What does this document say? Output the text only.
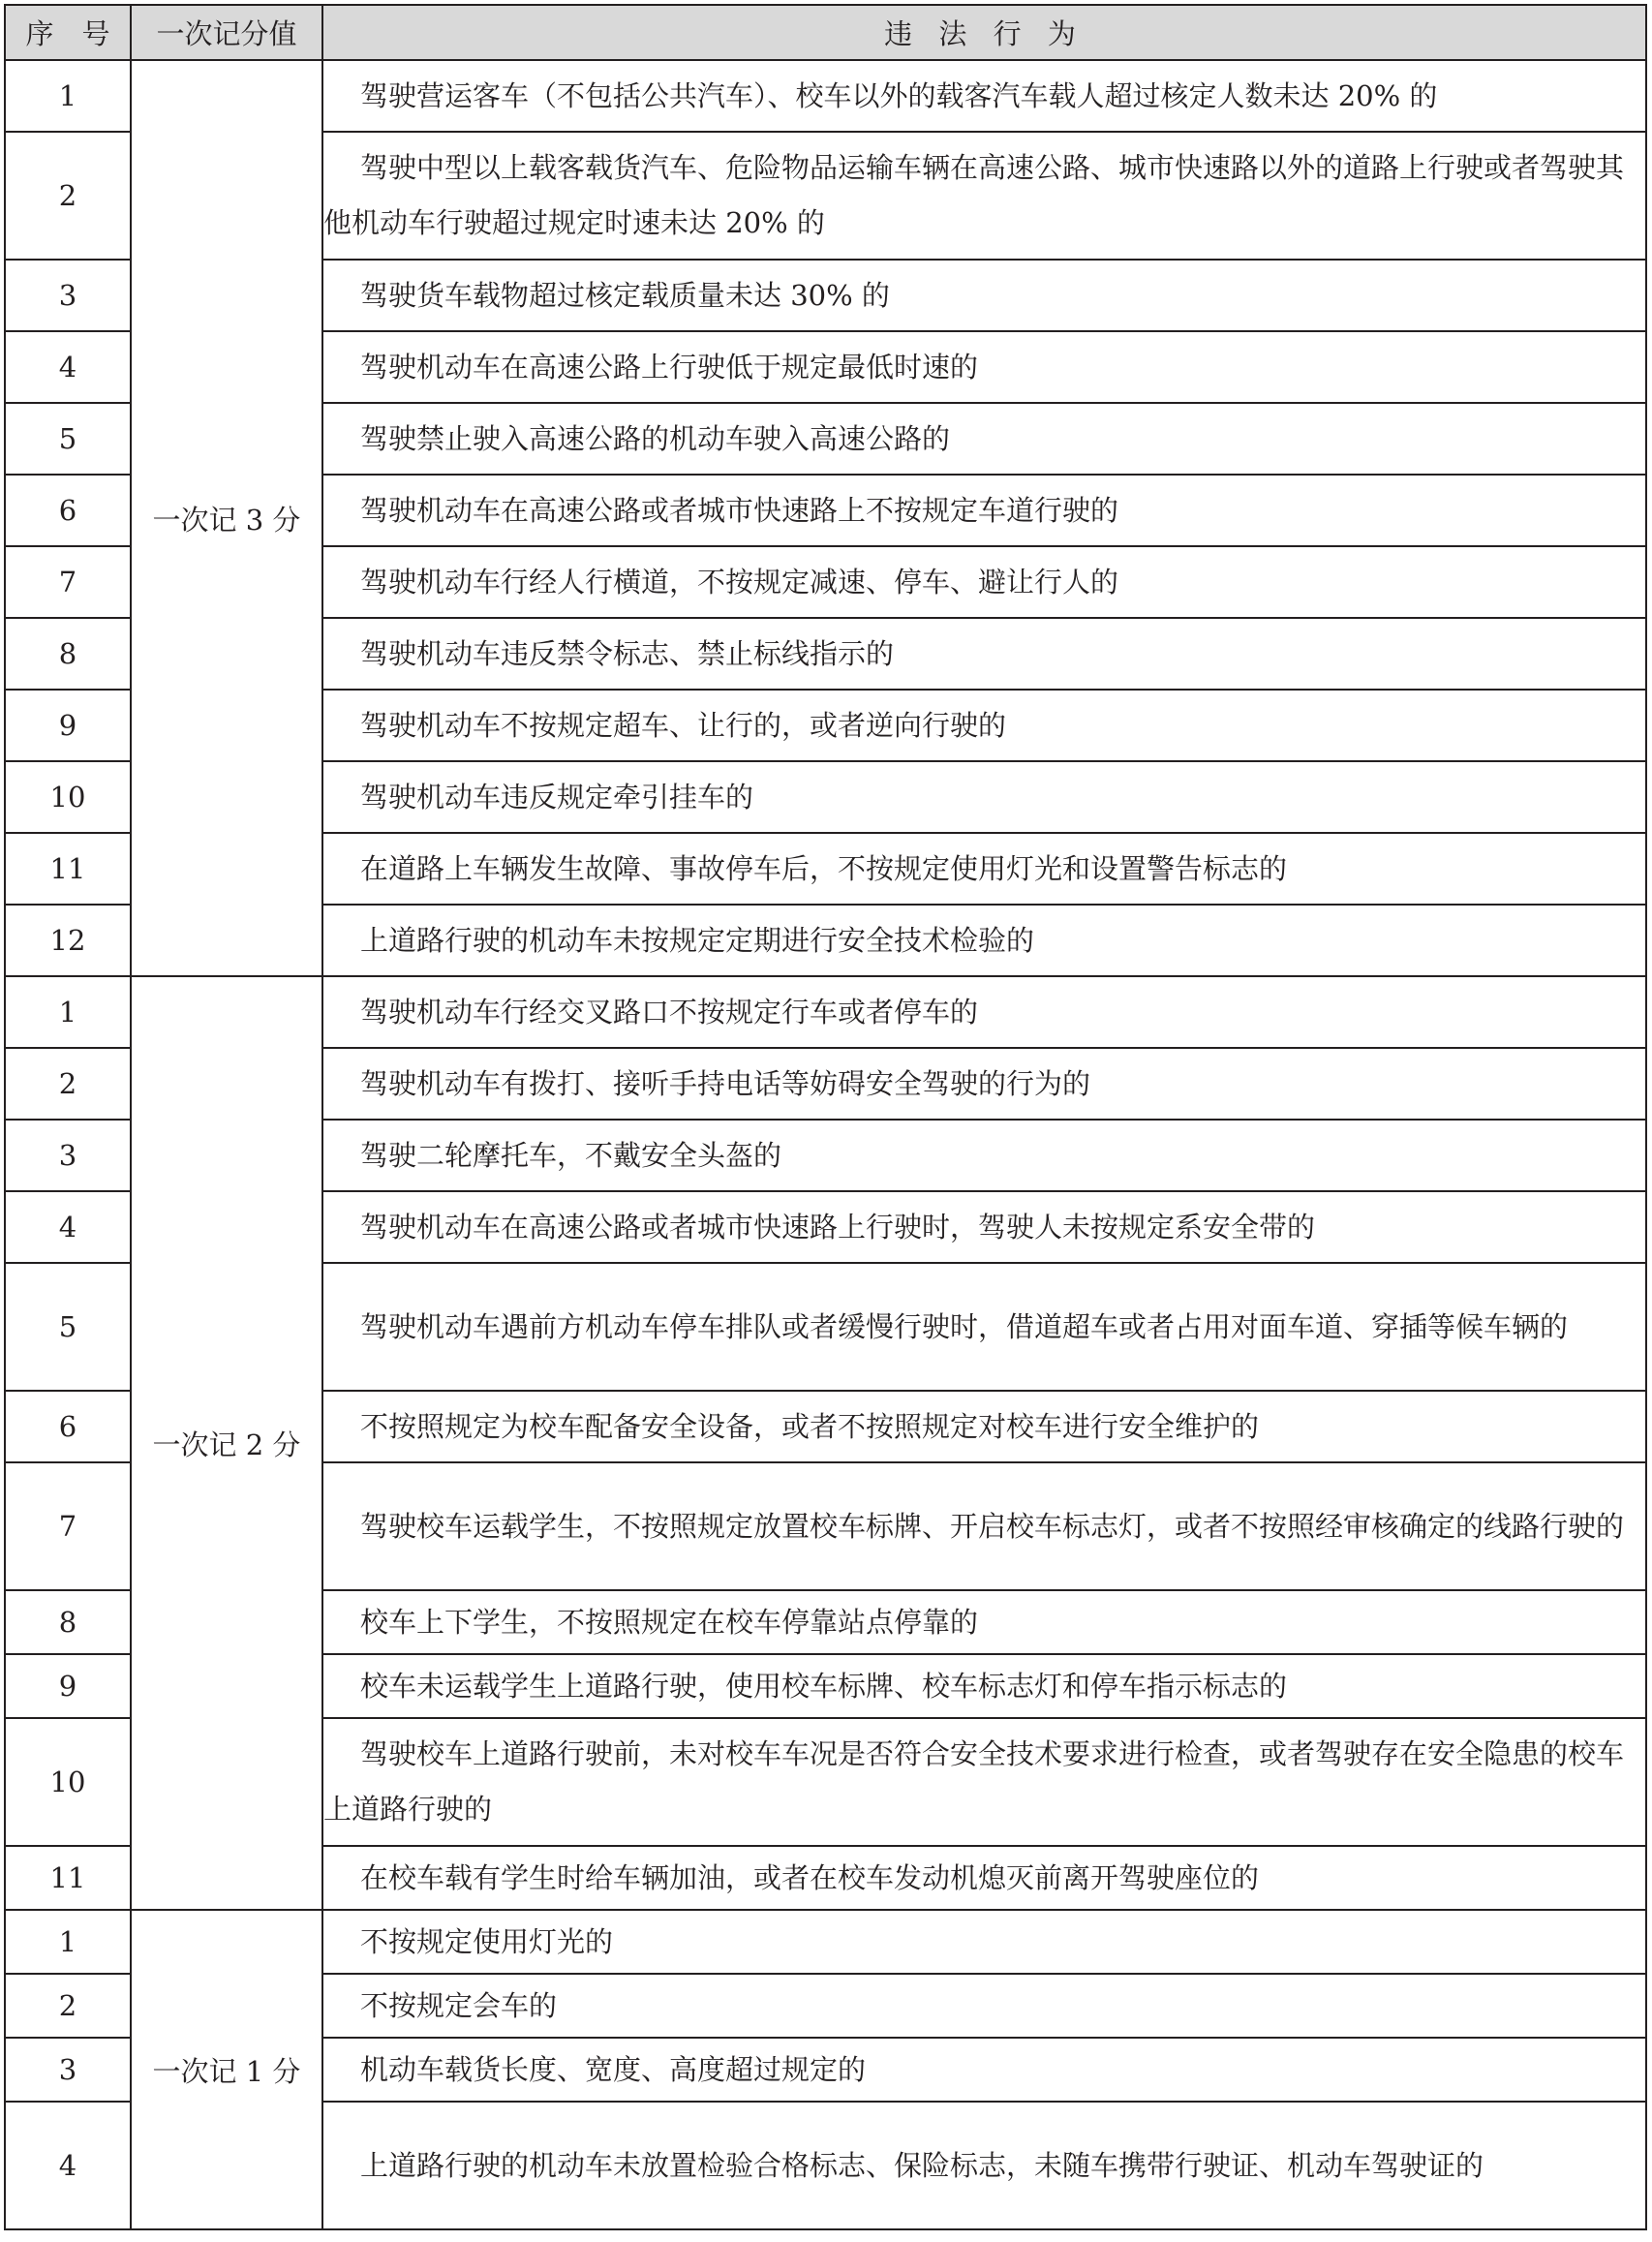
序　号	一次记分值	违 法 行 为
1	一次记 3 分	驾驶营运客车（不包括公共汽车）、校车以外的载客汽车载人超过核定人数未达 20% 的

2		驾驶中型以上载客载货汽车、危险物品运输车辆在高速公路、城市快速路以外的道路上行驶或者驾驶其他机动车行驶超过规定时速未达 20% 的

3		驾驶货车载物超过核定载质量未达 30% 的

4		驾驶机动车在高速公路上行驶低于规定最低时速的

5		驾驶禁止驶入高速公路的机动车驶入高速公路的

6		驾驶机动车在高速公路或者城市快速路上不按规定车道行驶的

7		驾驶机动车行经人行横道，不按规定减速、停车、避让行人的

8		驾驶机动车违反禁令标志、禁止标线指示的

9		驾驶机动车不按规定超车、让行的，或者逆向行驶的

10		驾驶机动车违反规定牵引挂车的

11		在道路上车辆发生故障、事故停车后，不按规定使用灯光和设置警告标志的

12		上道路行驶的机动车未按规定定期进行安全技术检验的

1	一次记 2 分	驾驶机动车行经交叉路口不按规定行车或者停车的

2		驾驶机动车有拨打、接听手持电话等妨碍安全驾驶的行为的

3		驾驶二轮摩托车，不戴安全头盔的

4		驾驶机动车在高速公路或者城市快速路上行驶时，驾驶人未按规定系安全带的

5		驾驶机动车遇前方机动车停车排队或者缓慢行驶时，借道超车或者占用对面车道、穿插等候车辆的

6		不按照规定为校车配备安全设备，或者不按照规定对校车进行安全维护的

7		驾驶校车运载学生，不按照规定放置校车标牌、开启校车标志灯，或者不按照经审核确定的线路行驶的

8		校车上下学生，不按照规定在校车停靠站点停靠的

9		校车未运载学生上道路行驶，使用校车标牌、校车标志灯和停车指示标志的

10		驾驶校车上道路行驶前，未对校车车况是否符合安全技术要求进行检查，或者驾驶存在安全隐患的校车上道路行驶的

11		在校车载有学生时给车辆加油，或者在校车发动机熄灭前离开驾驶座位的

1	一次记 1 分	不按规定使用灯光的

2		不按规定会车的

3		机动车载货长度、宽度、高度超过规定的

4		上道路行驶的机动车未放置检验合格标志、保险标志，未随车携带行驶证、机动车驾驶证的
